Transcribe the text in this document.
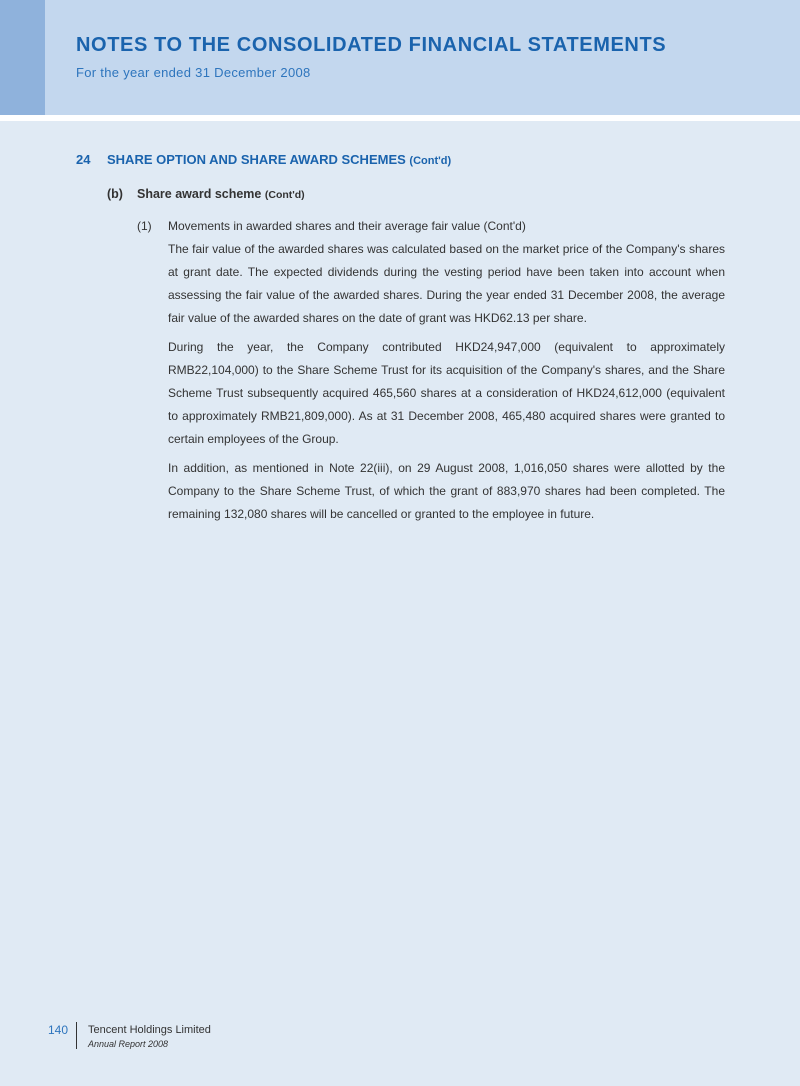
NOTES TO THE CONSOLIDATED FINANCIAL STATEMENTS
For the year ended 31 December 2008
24 SHARE OPTION AND SHARE AWARD SCHEMES (Cont'd)
(b) Share award scheme (Cont'd)
(1) Movements in awarded shares and their average fair value (Cont'd)

The fair value of the awarded shares was calculated based on the market price of the Company's shares at grant date. The expected dividends during the vesting period have been taken into account when assessing the fair value of the awarded shares. During the year ended 31 December 2008, the average fair value of the awarded shares on the date of grant was HKD62.13 per share.

During the year, the Company contributed HKD24,947,000 (equivalent to approximately RMB22,104,000) to the Share Scheme Trust for its acquisition of the Company's shares, and the Share Scheme Trust subsequently acquired 465,560 shares at a consideration of HKD24,612,000 (equivalent to approximately RMB21,809,000). As at 31 December 2008, 465,480 acquired shares were granted to certain employees of the Group.

In addition, as mentioned in Note 22(iii), on 29 August 2008, 1,016,050 shares were allotted by the Company to the Share Scheme Trust, of which the grant of 883,970 shares had been completed. The remaining 132,080 shares will be cancelled or granted to the employee in future.

140 Tencent Holdings Limited
Annual Report 2008
